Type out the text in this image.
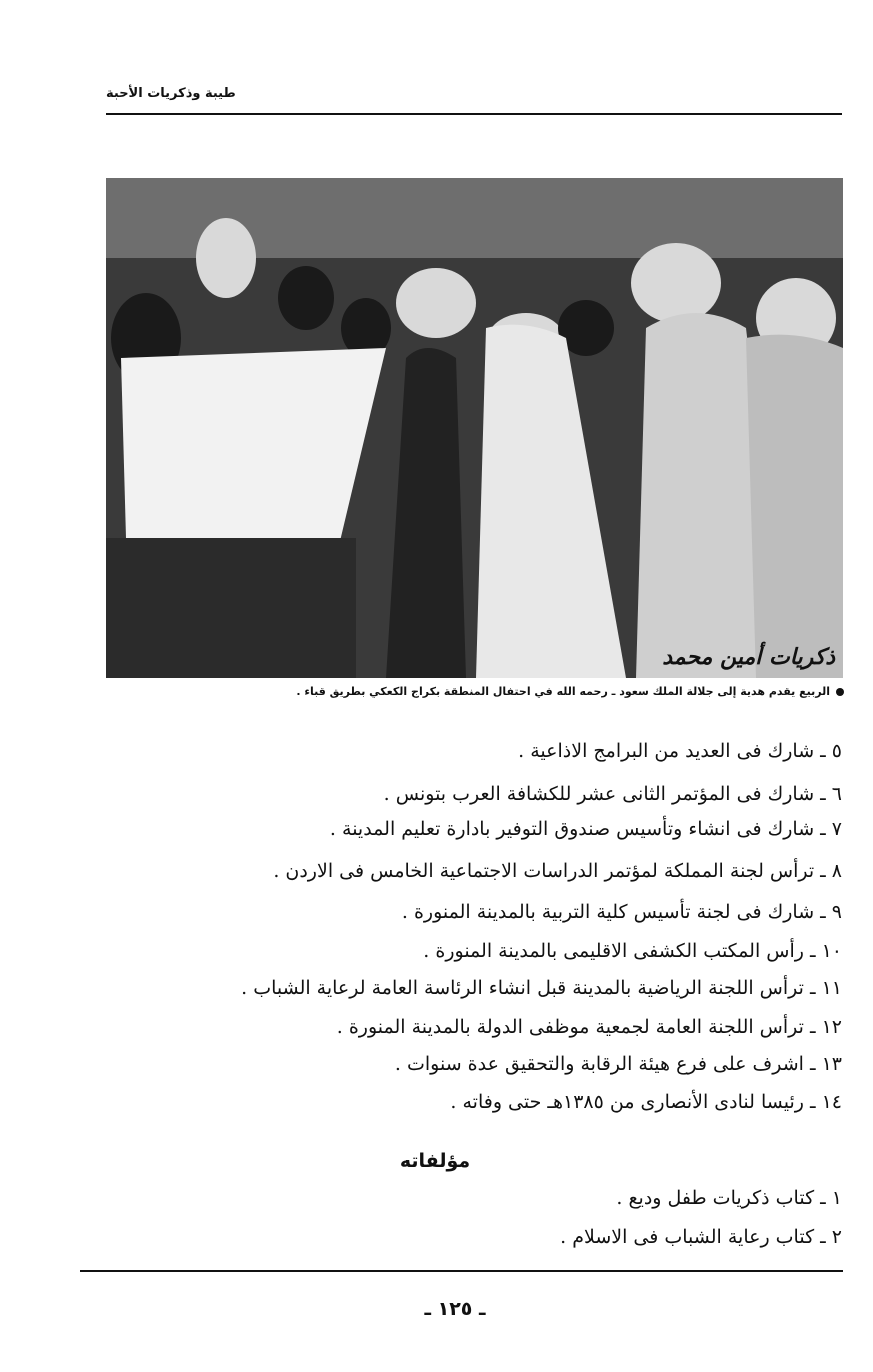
طيبة وذكريات الأحبة
ذكريات أمين محمد
الربيع يقدم هدية إلى جلالة الملك سعود ـ رحمه الله في احتفال المنطقة بكراج الكعكي بطريق قباء .
٥ ـ شارك فى العديد من البرامج الاذاعية .
٦ ـ شارك فى المؤتمر الثانى عشر للكشافة العرب بتونس .
٧ ـ شارك فى انشاء وتأسيس صندوق التوفير بادارة تعليم المدينة .
٨ ـ ترأس لجنة المملكة لمؤتمر الدراسات الاجتماعية الخامس فى الاردن .
٩ ـ شارك فى لجنة تأسيس كلية التربية بالمدينة المنورة .
١٠ ـ رأس المكتب الكشفى الاقليمى بالمدينة المنورة .
١١ ـ ترأس اللجنة الرياضية بالمدينة قبل انشاء الرئاسة العامة لرعاية الشباب .
١٢ ـ ترأس اللجنة العامة لجمعية موظفى الدولة بالمدينة المنورة .
١٣ ـ اشرف على فرع هيئة الرقابة والتحقيق عدة سنوات .
١٤ ـ رئيسا لنادى الأنصارى من ١٣٨٥هـ حتى وفاته .
مؤلفاته
١ ـ كتاب ذكريات طفل وديع .
٢ ـ كتاب رعاية الشباب فى الاسلام .
ـ ١٢٥ ـ
